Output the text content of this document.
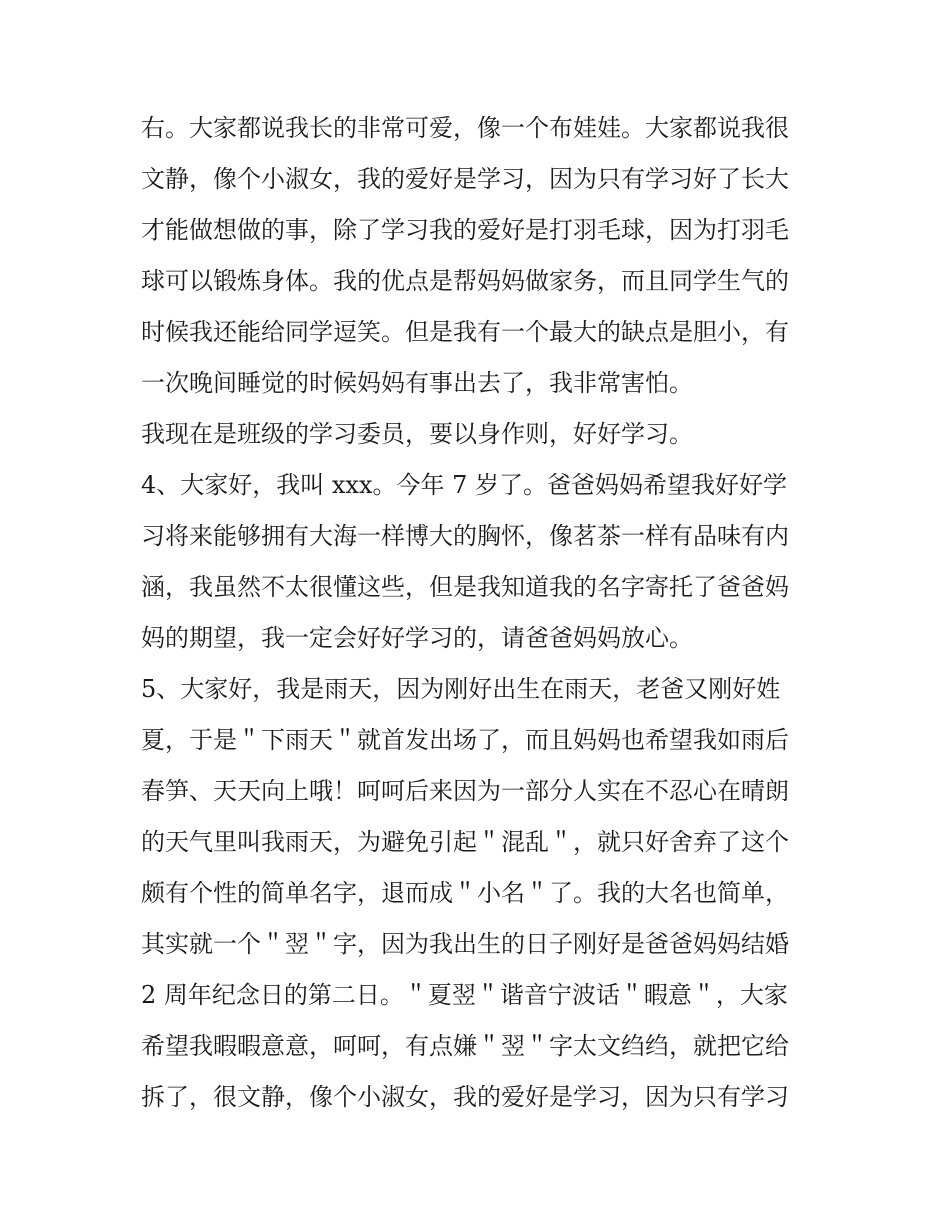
右。大家都说我长的非常可爱，像一个布娃娃。大家都说我很
文静，像个小淑女，我的爱好是学习，因为只有学习好了长大
才能做想做的事，除了学习我的爱好是打羽毛球，因为打羽毛
球可以锻炼身体。我的优点是帮妈妈做家务，而且同学生气的
时候我还能给同学逗笑。但是我有一个最大的缺点是胆小，有
一次晚间睡觉的时候妈妈有事出去了，我非常害怕。
我现在是班级的学习委员，要以身作则，好好学习。
4、大家好，我叫 xxx。今年 7 岁了。爸爸妈妈希望我好好学
习将来能够拥有大海一样博大的胸怀，像茗茶一样有品味有内
涵，我虽然不太很懂这些，但是我知道我的名字寄托了爸爸妈
妈的期望，我一定会好好学习的，请爸爸妈妈放心。
5、大家好，我是雨天，因为刚好出生在雨天，老爸又刚好姓
夏，于是＂下雨天＂就首发出场了，而且妈妈也希望我如雨后
春笋、天天向上哦！呵呵后来因为一部分人实在不忍心在晴朗
的天气里叫我雨天，为避免引起＂混乱＂，就只好舍弃了这个
颇有个性的简单名字，退而成＂小名＂了。我的大名也简单，
其实就一个＂翌＂字，因为我出生的日子刚好是爸爸妈妈结婚
2 周年纪念日的第二日。＂夏翌＂谐音宁波话＂暇意＂，大家
希望我暇暇意意，呵呵，有点嫌＂翌＂字太文绉绉，就把它给
拆了，很文静，像个小淑女，我的爱好是学习，因为只有学习
